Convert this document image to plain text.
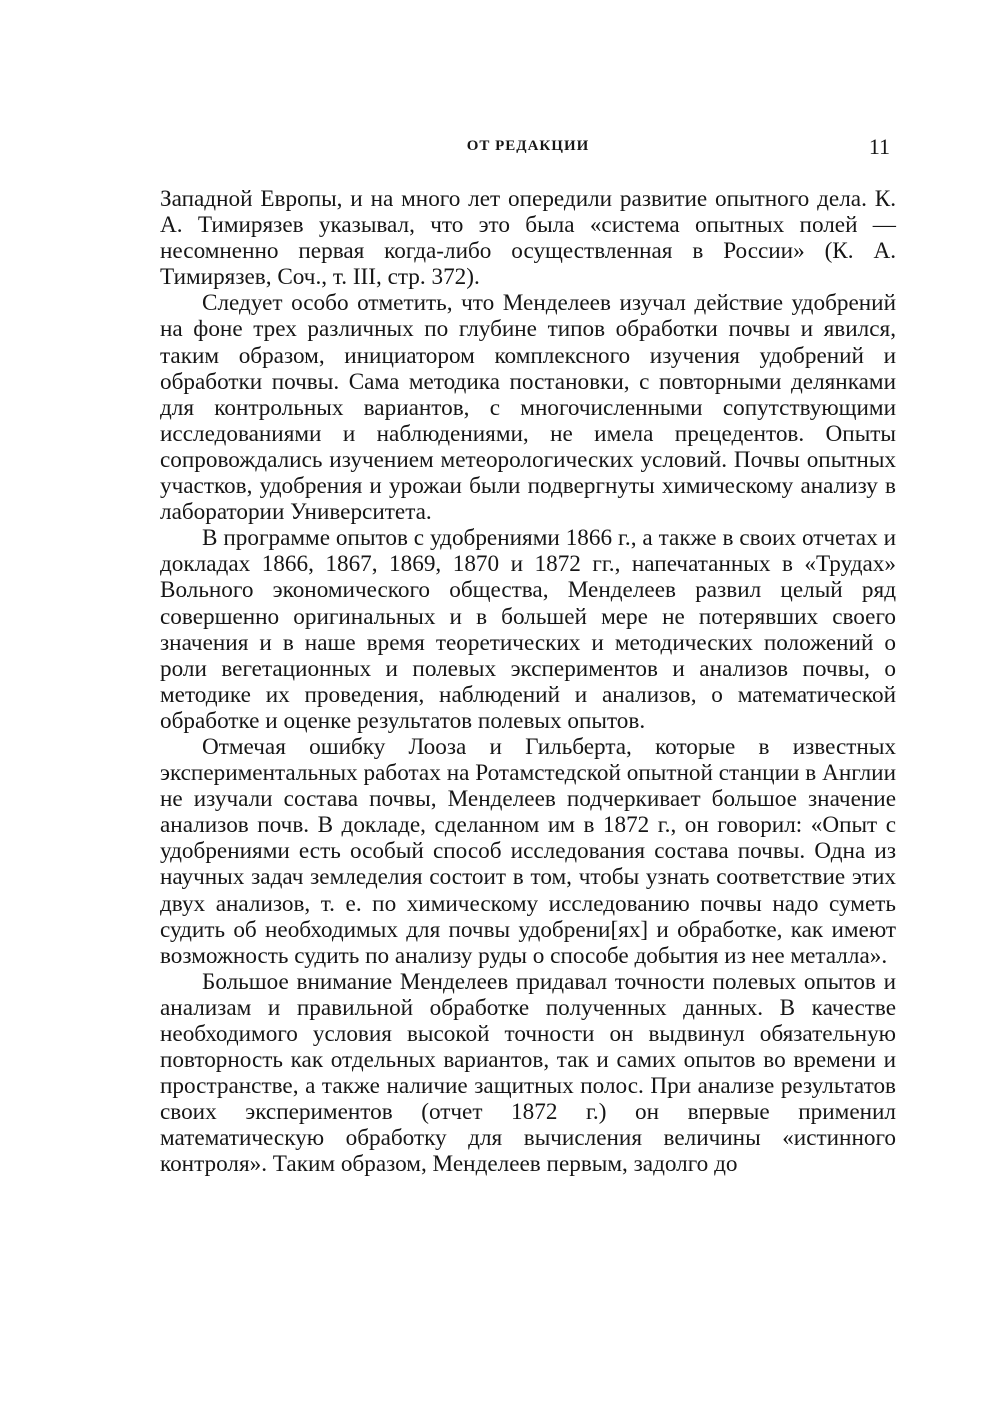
ОТ РЕДАКЦИИ	11

Западной Европы, и на много лет опередили развитие опытного дела. К. А. Тимирязев указывал, что это была «система опытных полей — несомненно первая когда-либо осуществленная в России» (К. А. Тимирязев, Соч., т. III, стр. 372).

Следует особо отметить, что Менделеев изучал действие удобрений на фоне трех различных по глубине типов обработки почвы и явился, таким образом, инициатором комплексного изучения удобрений и обработки почвы. Сама методика постановки, с повторными делянками для контрольных вариантов, с многочисленными сопутствующими исследованиями и наблюдениями, не имела прецедентов. Опыты сопровождались изучением метеорологических условий. Почвы опытных участков, удобрения и урожаи были подвергнуты химическому анализу в лаборатории Университета.

В программе опытов с удобрениями 1866 г., а также в своих отчетах и докладах 1866, 1867, 1869, 1870 и 1872 гг., напечатанных в «Трудах» Вольного экономического общества, Менделеев развил целый ряд совершенно оригинальных и в большей мере не потерявших своего значения и в наше время теоретических и методических положений о роли вегетационных и полевых экспериментов и анализов почвы, о методике их проведения, наблюдений и анализов, о математической обработке и оценке результатов полевых опытов.

Отмечая ошибку Лооза и Гильберта, которые в известных экспериментальных работах на Ротамстедской опытной станции в Англии не изучали состава почвы, Менделеев подчеркивает большое значение анализов почв. В докладе, сделанном им в 1872 г., он говорил: «Опыт с удобрениями есть особый способ исследования состава почвы. Одна из научных задач земледелия состоит в том, чтобы узнать соответствие этих двух анализов, т. е. по химическому исследованию почвы надо суметь судить об необходимых для почвы удобрени[ях] и обработке, как имеют возможность судить по анализу руды о способе добытия из нее металла».

Большое внимание Менделеев придавал точности полевых опытов и анализам и правильной обработке полученных данных. В качестве необходимого условия высокой точности он выдвинул обязательную повторность как отдельных вариантов, так и самих опытов во времени и пространстве, а также наличие защитных полос. При анализе результатов своих экспериментов (отчет 1872 г.) он впервые применил математическую обработку для вычисления величины «истинного контроля». Таким образом, Менделеев первым, задолго до
